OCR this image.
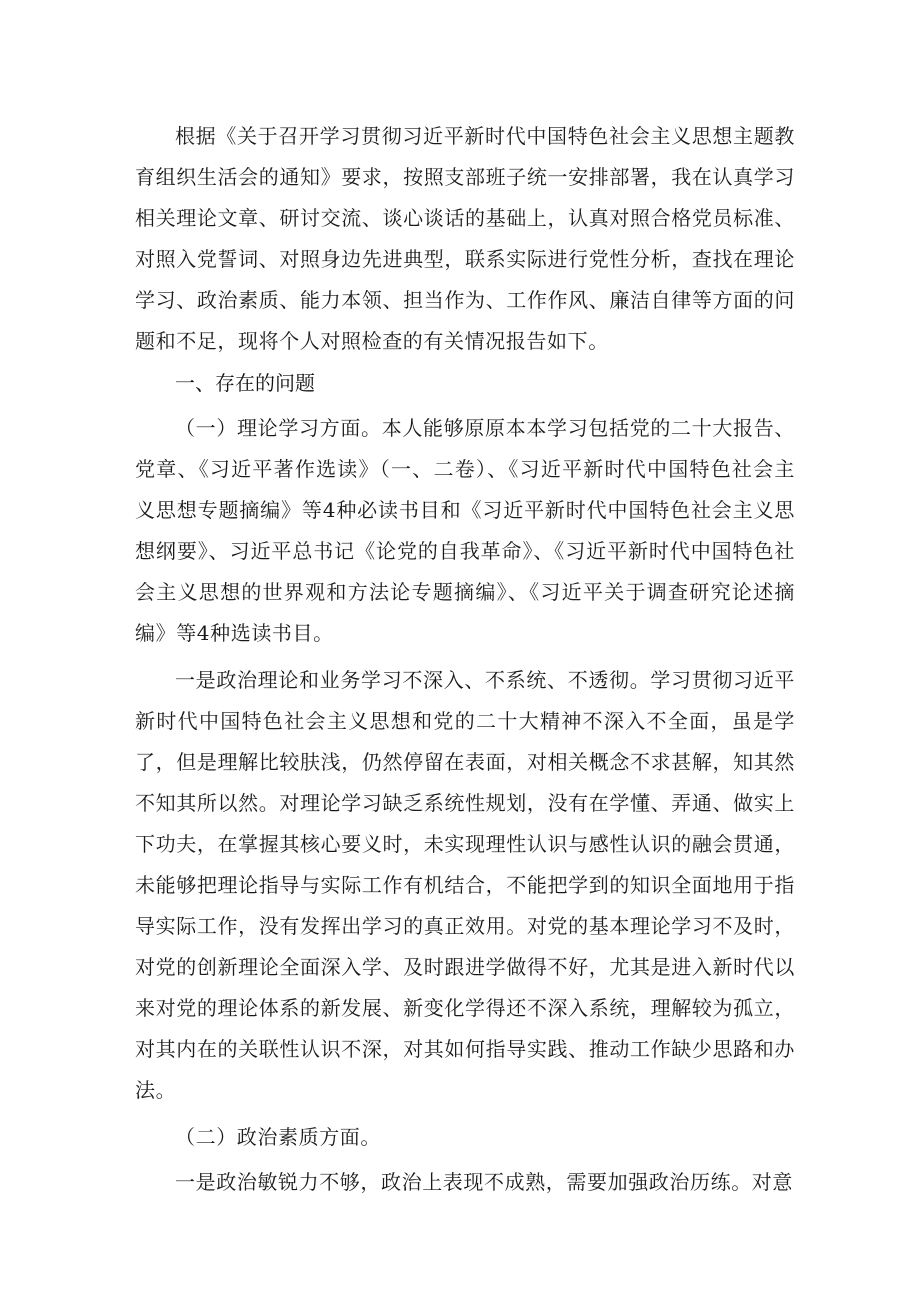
根据《关于召开学习贯彻习近平新时代中国特色社会主义思想主题教育组织生活会的通知》要求，按照支部班子统一安排部署，我在认真学习相关理论文章、研讨交流、谈心谈话的基础上，认真对照合格党员标准、对照入党誓词、对照身边先进典型，联系实际进行党性分析，查找在理论学习、政治素质、能力本领、担当作为、工作作风、廉洁自律等方面的问题和不足，现将个人对照检查的有关情况报告如下。

一、存在的问题

（一）理论学习方面。本人能够原原本本学习包括党的二十大报告、党章、《习近平著作选读》（一、二卷）、《习近平新时代中国特色社会主义思想专题摘编》等4种必读书目和《习近平新时代中国特色社会主义思想纲要》、习近平总书记《论党的自我革命》、《习近平新时代中国特色社会主义思想的世界观和方法论专题摘编》、《习近平关于调查研究论述摘编》等4种选读书目。

一是政治理论和业务学习不深入、不系统、不透彻。学习贯彻习近平新时代中国特色社会主义思想和党的二十大精神不深入不全面，虽是学了，但是理解比较肤浅，仍然停留在表面，对相关概念不求甚解，知其然不知其所以然。对理论学习缺乏系统性规划，没有在学懂、弄通、做实上下功夫，在掌握其核心要义时，未实现理性认识与感性认识的融会贯通，未能够把理论指导与实际工作有机结合，不能把学到的知识全面地用于指导实际工作，没有发挥出学习的真正效用。对党的基本理论学习不及时，对党的创新理论全面深入学、及时跟进学做得不好，尤其是进入新时代以来对党的理论体系的新发展、新变化学得还不深入系统，理解较为孤立，对其内在的关联性认识不深，对其如何指导实践、推动工作缺少思路和办法。

（二）政治素质方面。

一是政治敏锐力不够，政治上表现不成熟，需要加强政治历练。对意
